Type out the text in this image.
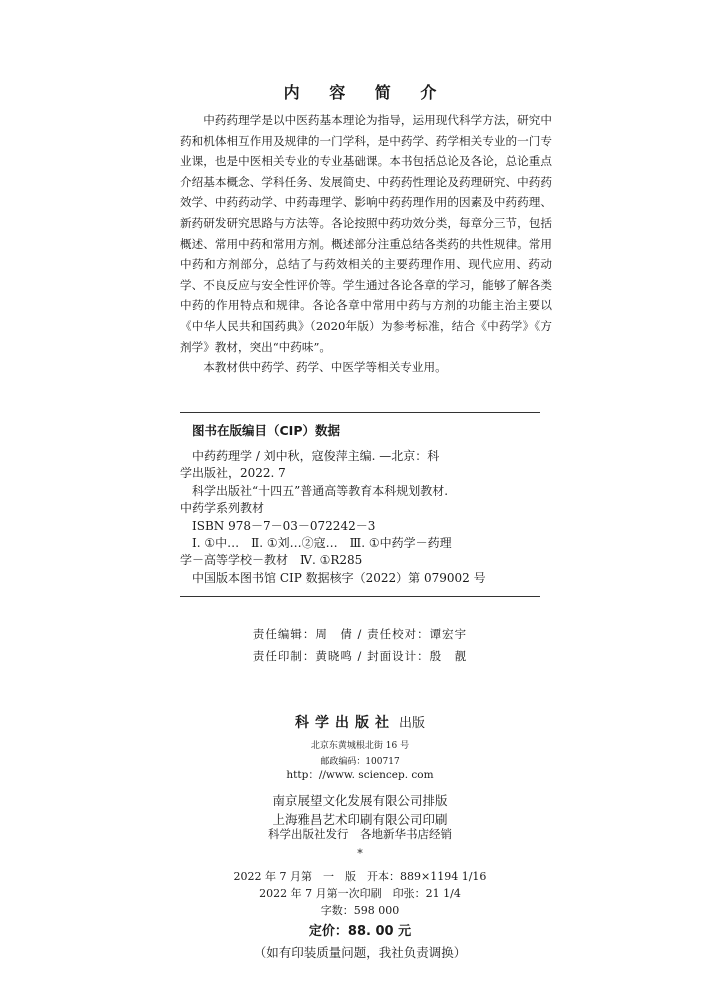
内 容 简 介

中药药理学是以中医药基本理论为指导，运用现代科学方法，研究中药和机体相互作用及规律的一门学科，是中药学、药学相关专业的一门专业课，也是中医相关专业的专业基础课。本书包括总论及各论，总论重点介绍基本概念、学科任务、发展简史、中药药性理论及药理研究、中药药效学、中药药动学、中药毒理学、影响中药药理作用的因素及中药药理、新药研发研究思路与方法等。各论按照中药功效分类，每章分三节，包括概述、常用中药和常用方剂。概述部分注重总结各类药的共性规律。常用中药和方剂部分，总结了与药效相关的主要药理作用、现代应用、药动学、不良反应与安全性评价等。学生通过各论各章的学习，能够了解各类中药的作用特点和规律。各论各章中常用中药与方剂的功能主治主要以《中华人民共和国药典》（2020年版）为参考标准，结合《中药学》《方剂学》教材，突出“中药味”。

本教材供中药学、药学、中医学等相关专业用。

图书在版编目（CIP）数据
中药药理学 / 刘中秋，寇俊萍主编. —北京：科
学出版社，2022. 7
科学出版社“十四五”普通高等教育本科规划教材.
中药学系列教材
ISBN 978－7－03－072242－3
Ⅰ. ①中…　Ⅱ. ①刘…②寇…　Ⅲ. ①中药学－药理
学－高等学校－教材　Ⅳ. ①R285
中国版本图书馆 CIP 数据核字（2022）第 079002 号
责任编辑：周　倩 / 责任校对：谭宏宇
责任印制：黄晓鸣 / 封面设计：殷　靓
科学出版社 出版
北京东黄城根北街 16 号
邮政编码：100717
http：//www. sciencep. com
南京展望文化发展有限公司排版
上海雅昌艺术印刷有限公司印刷
科学出版社发行　各地新华书店经销
*
2022 年 7 月第　一　版　开本：889×1194 1/16
2022 年 7 月第一次印刷　印张：21 1/4
字数：598 000
定价：88. 00 元
（如有印装质量问题，我社负责调换）
